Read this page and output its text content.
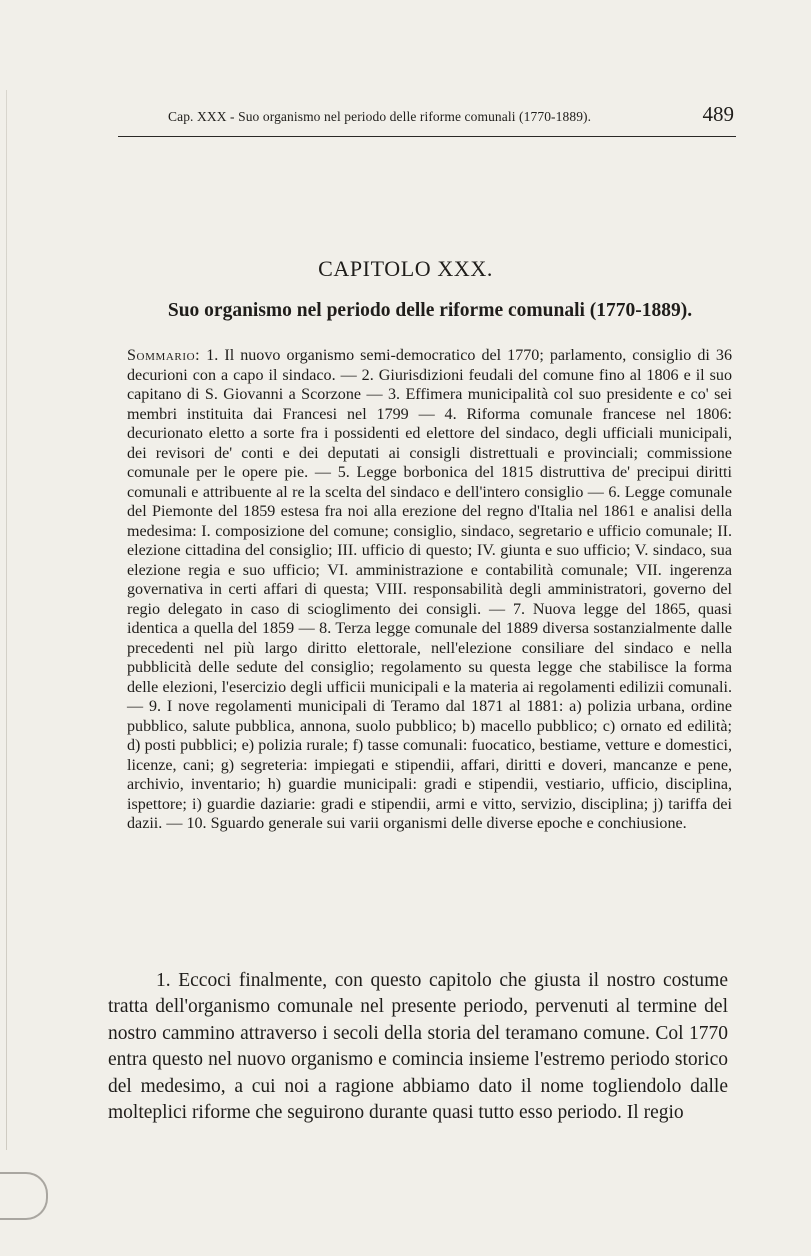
Cap. XXX - Suo organismo nel periodo delle riforme comunali (1770-1889).	489
CAPITOLO XXX.
Suo organismo nel periodo delle riforme comunali (1770-1889).
Sommario: 1. Il nuovo organismo semi-democratico del 1770; parlamento, consiglio di 36 decurioni con a capo il sindaco. — 2. Giurisdizioni feudali del comune fino al 1806 e il suo capitano di S. Giovanni a Scorzone — 3. Effimera municipalità col suo presidente e co' sei membri instituita dai Francesi nel 1799 — 4. Riforma comunale francese nel 1806: decurionato eletto a sorte fra i possidenti ed elettore del sindaco, degli ufficiali municipali, dei revisori de' conti e dei deputati ai consigli distrettuali e provinciali; commissione comunale per le opere pie. — 5. Legge borbonica del 1815 distruttiva de' precipui diritti comunali e attribuente al re la scelta del sindaco e dell'intero consiglio — 6. Legge comunale del Piemonte del 1859 estesa fra noi alla erezione del regno d'Italia nel 1861 e analisi della medesima: I. composizione del comune; consiglio, sindaco, segretario e ufficio comunale; II. elezione cittadina del consiglio; III. ufficio di questo; IV. giunta e suo ufficio; V. sindaco, sua elezione regia e suo ufficio; VI. amministrazione e contabilità comunale; VII. ingerenza governativa in certi affari di questa; VIII. responsabilità degli amministratori, governo del regio delegato in caso di scioglimento dei consigli. — 7. Nuova legge del 1865, quasi identica a quella del 1859 — 8. Terza legge comunale del 1889 diversa sostanzialmente dalle precedenti nel più largo diritto elettorale, nell'elezione consiliare del sindaco e nella pubblicità delle sedute del consiglio; regolamento su questa legge che stabilisce la forma delle elezioni, l'esercizio degli ufficii municipali e la materia ai regolamenti edilizii comunali. — 9. I nove regolamenti municipali di Teramo dal 1871 al 1881: a) polizia urbana, ordine pubblico, salute pubblica, annona, suolo pubblico; b) macello pubblico; c) ornato ed edilità; d) posti pubblici; e) polizia rurale; f) tasse comunali: fuocatico, bestiame, vetture e domestici, licenze, cani; g) segreteria: impiegati e stipendii, affari, diritti e doveri, mancanze e pene, archivio, inventario; h) guardie municipali: gradi e stipendii, vestiario, ufficio, disciplina, ispettore; i) guardie daziarie: gradi e stipendii, armi e vitto, servizio, disciplina; j) tariffa dei dazii. — 10. Sguardo generale sui varii organismi delle diverse epoche e conchiusione.

1. Eccoci finalmente, con questo capitolo che giusta il nostro costume tratta dell'organismo comunale nel presente periodo, pervenuti al termine del nostro cammino attraverso i secoli della storia del teramano comune. Col 1770 entra questo nel nuovo organismo e comincia insieme l'estremo periodo storico del medesimo, a cui noi a ragione abbiamo dato il nome togliendolo dalle molteplici riforme che seguirono durante quasi tutto esso periodo. Il regio
